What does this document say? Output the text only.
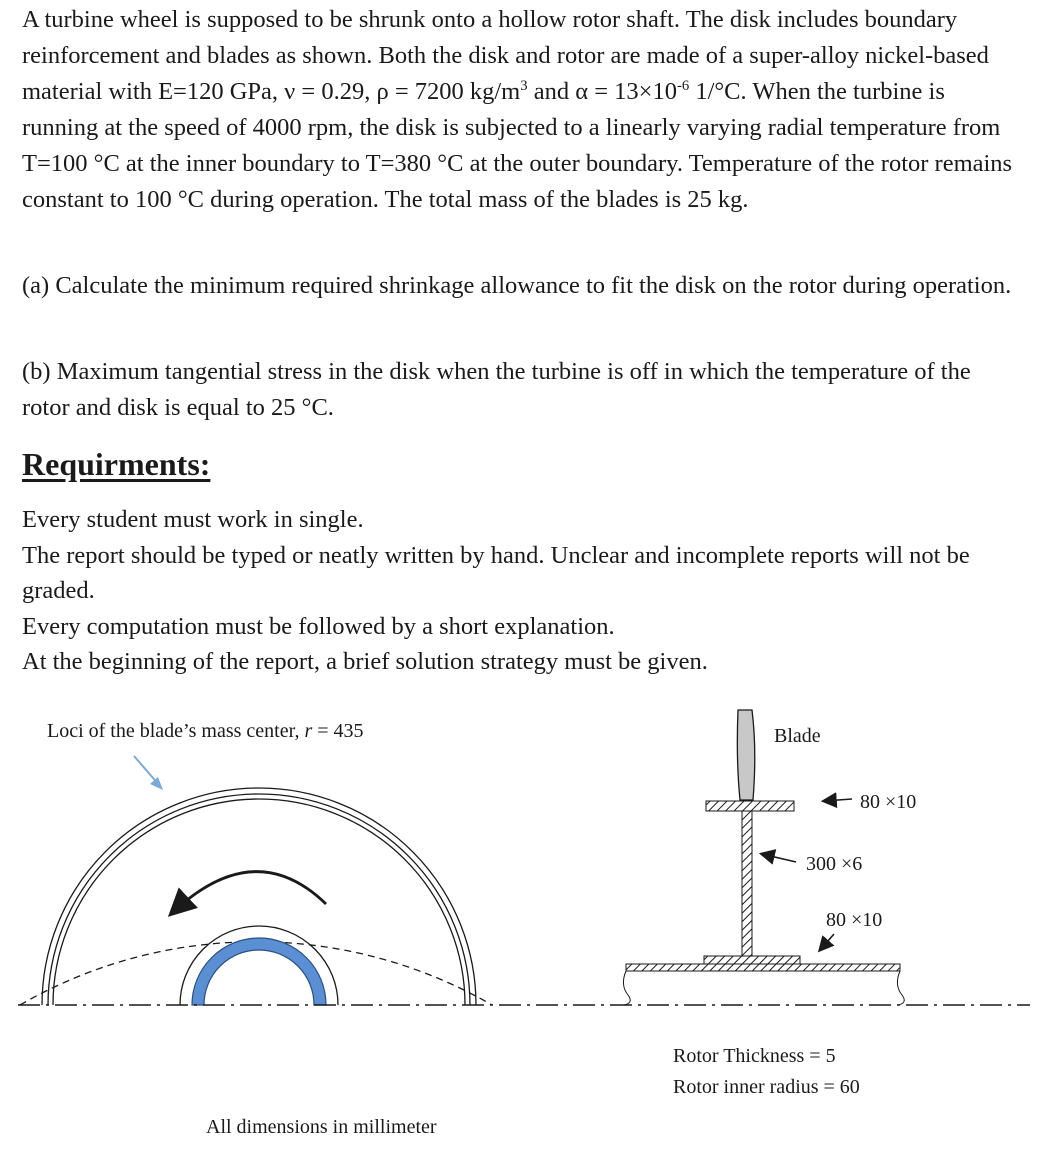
A turbine wheel is supposed to be shrunk onto a hollow rotor shaft. The disk includes boundary reinforcement and blades as shown. Both the disk and rotor are made of a super-alloy nickel-based material with E=120 GPa, ν = 0.29, ρ = 7200 $kg/m^3$ and $\alpha = 13\times 10^{-6}$ 1/°C. When the turbine is running at the speed of 4000 rpm, the disk is subjected to a linearly varying radial temperature from T=100 °C at the inner boundary to T=380 °C at the outer boundary. Temperature of the rotor remains constant to 100 °C during operation. The total mass of the blades is 25 kg.

(a) Calculate the minimum required shrinkage allowance to fit the disk on the rotor during operation.

(b) Maximum tangential stress in the disk when the turbine is off in which the temperature of the rotor and disk is equal to 25 °C.

Requirments:
Every student must work in single.
The report should be typed or neatly written by hand. Unclear and incomplete reports will not be graded.
Every computation must be followed by a short explanation.
At the beginning of the report, a brief solution strategy must be given.
Loci of the blade’s mass center, r = 435	Blade
80 ×10
300 ×6
80 ×10
Rotor Thickness = 5
Rotor inner radius = 60
All dimensions in millimeter
